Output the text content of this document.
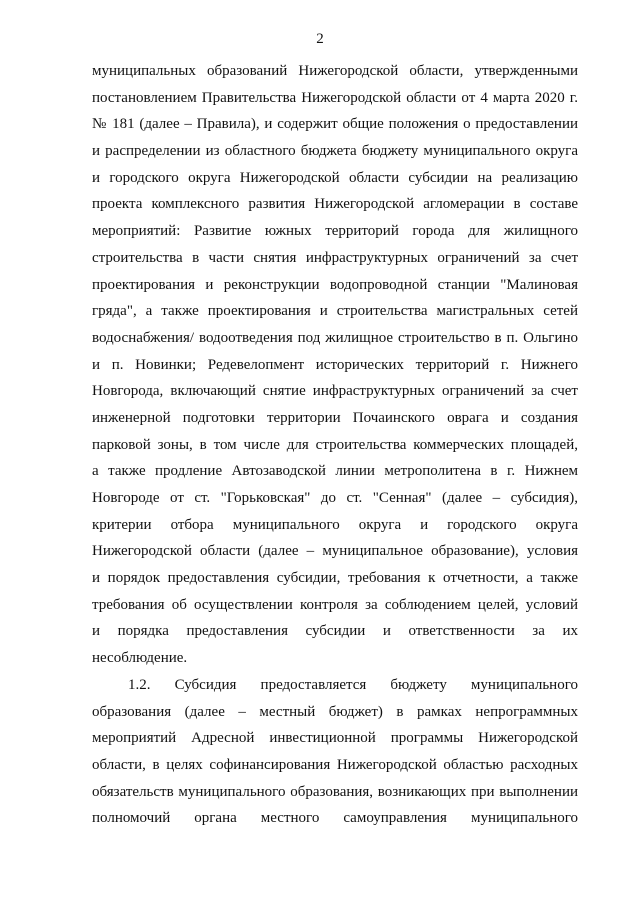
2
муниципальных образований Нижегородской области, утвержденными
постановлением Правительства Нижегородской области от 4 марта 2020 г.
№ 181 (далее – Правила), и содержит общие положения о предоставлении
и распределении из областного бюджета бюджету муниципального округа
и городского округа Нижегородской области субсидии на реализацию
проекта комплексного развития Нижегородской агломерации в составе
мероприятий: Развитие южных территорий города для жилищного
строительства в части снятия инфраструктурных ограничений за счет
проектирования и реконструкции водопроводной станции "Малиновая
гряда", а также проектирования и строительства магистральных сетей
водоснабжения/ водоотведения под жилищное строительство в п. Ольгино
и п. Новинки; Редевелопмент исторических территорий г. Нижнего
Новгорода, включающий снятие инфраструктурных ограничений за счет
инженерной подготовки территории Почаинского оврага и создания
парковой зоны, в том числе для строительства коммерческих площадей,
а также продление Автозаводской линии метрополитена в г. Нижнем
Новгороде от ст. "Горьковская" до ст. "Сенная" (далее – субсидия),
критерии отбора муниципального округа и городского округа
Нижегородской области (далее – муниципальное образование), условия
и порядок предоставления субсидии, требования к отчетности, а также
требования об осуществлении контроля за соблюдением целей, условий
и порядка предоставления субсидии и ответственности за их
несоблюдение.
1.2. Субсидия предоставляется бюджету муниципального
образования (далее – местный бюджет) в рамках непрограммных
мероприятий Адресной инвестиционной программы Нижегородской
области, в целях софинансирования Нижегородской областью расходных
обязательств муниципального образования, возникающих при выполнении
полномочий органа местного самоуправления муниципального
